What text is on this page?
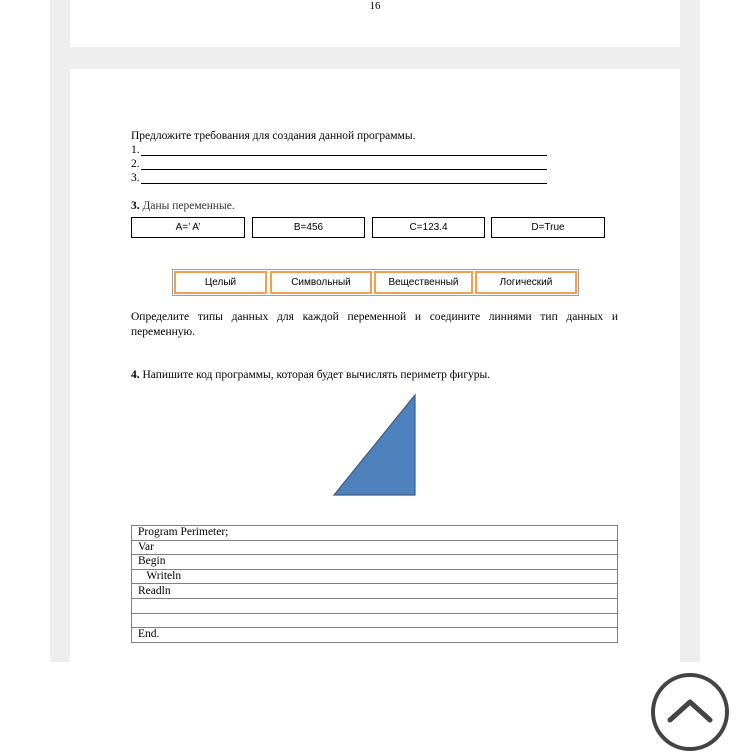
16
Предложите требования для создания данной программы.
1.
2.
3.
3. Даны переменные.
A=’ A’	B=456	C=123.4	D=True
Целый	Символьный	Вещественный	Логический
Определите типы данных для каждой переменной и соедините линиями тип данных и переменную.
4. Напишите код программы, которая будет вычислять периметр фигуры.
Program Perimeter;
Var
Begin
Writeln
Readln

End.
